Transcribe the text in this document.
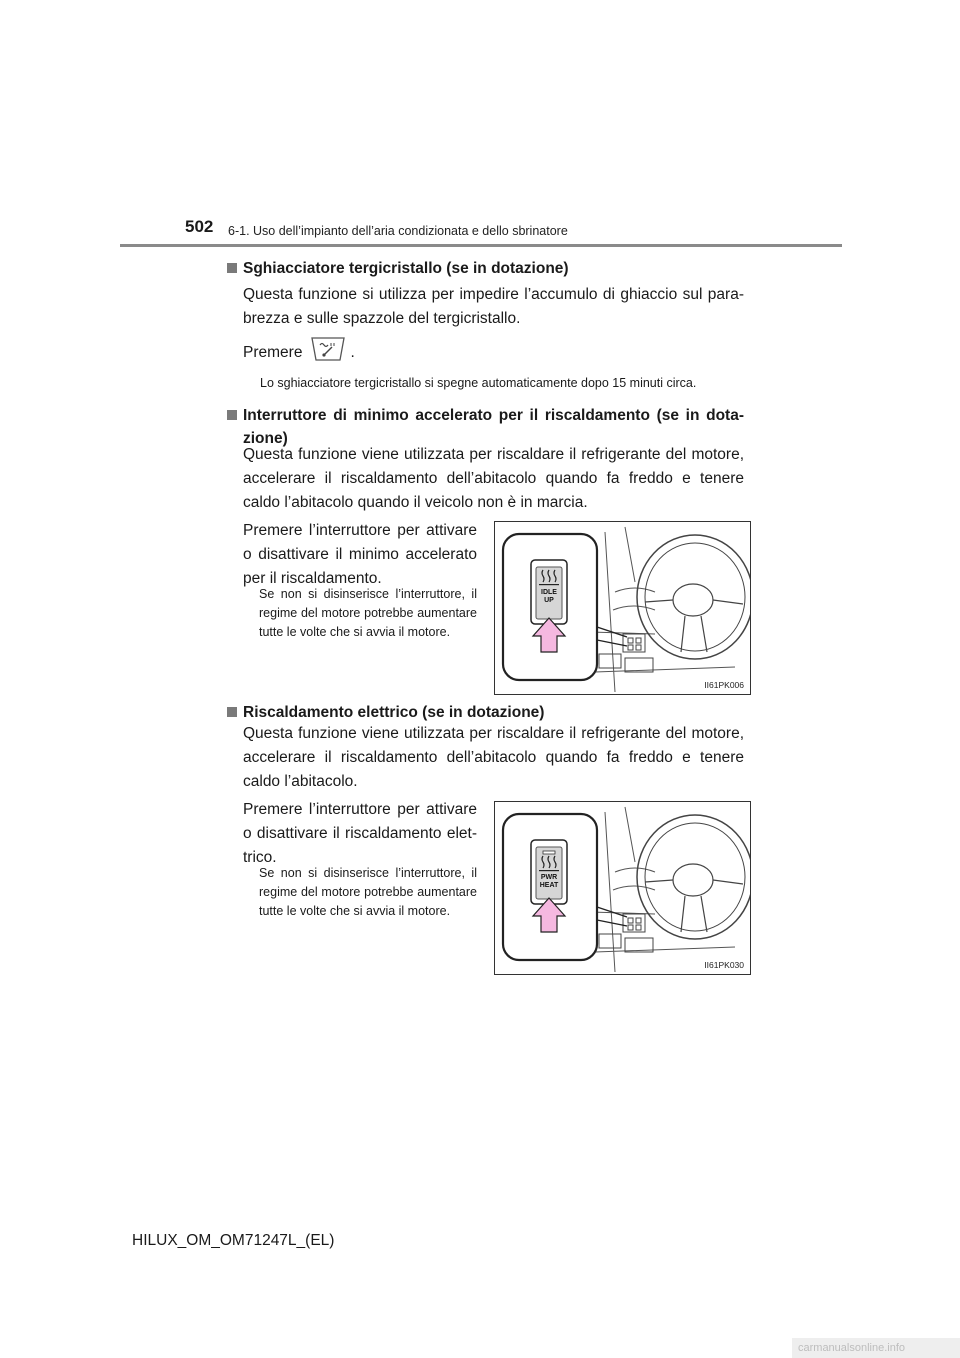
502 6-1. Uso dell’impianto dell’aria condizionata e dello sbrinatore
Sghiacciatore tergicristallo (se in dotazione)
Questa funzione si utilizza per impedire l’accumulo di ghiaccio sul para-brezza e sulle spazzole del tergicristallo.
Premere	.
Lo sghiacciatore tergicristallo si spegne automaticamente dopo 15 minuti circa.
Interruttore di minimo accelerato per il riscaldamento (se in dota-zione)
Questa funzione viene utilizzata per riscaldare il refrigerante del motore, accelerare il riscaldamento dell’abitacolo quando fa freddo e tenere caldo l’abitacolo quando il veicolo non è in marcia.
Premere l’interruttore per attivare o disattivare il minimo accelerato per il riscaldamento.
Se non si disinserisce l’interruttore, il regime del motore potrebbe aumentare tutte le volte che si avvia il motore.
IDLE
UP
II61PK006
Riscaldamento elettrico (se in dotazione)
Questa funzione viene utilizzata per riscaldare il refrigerante del motore, accelerare il riscaldamento dell’abitacolo quando fa freddo e tenere caldo l’abitacolo.
Premere l’interruttore per attivare o disattivare il riscaldamento elet-trico.
Se non si disinserisce l’interruttore, il regime del motore potrebbe aumentare tutte le volte che si avvia il motore.
PWR
HEAT
II61PK030
HILUX_OM_OM71247L_(EL)
carmanualsonline.info
